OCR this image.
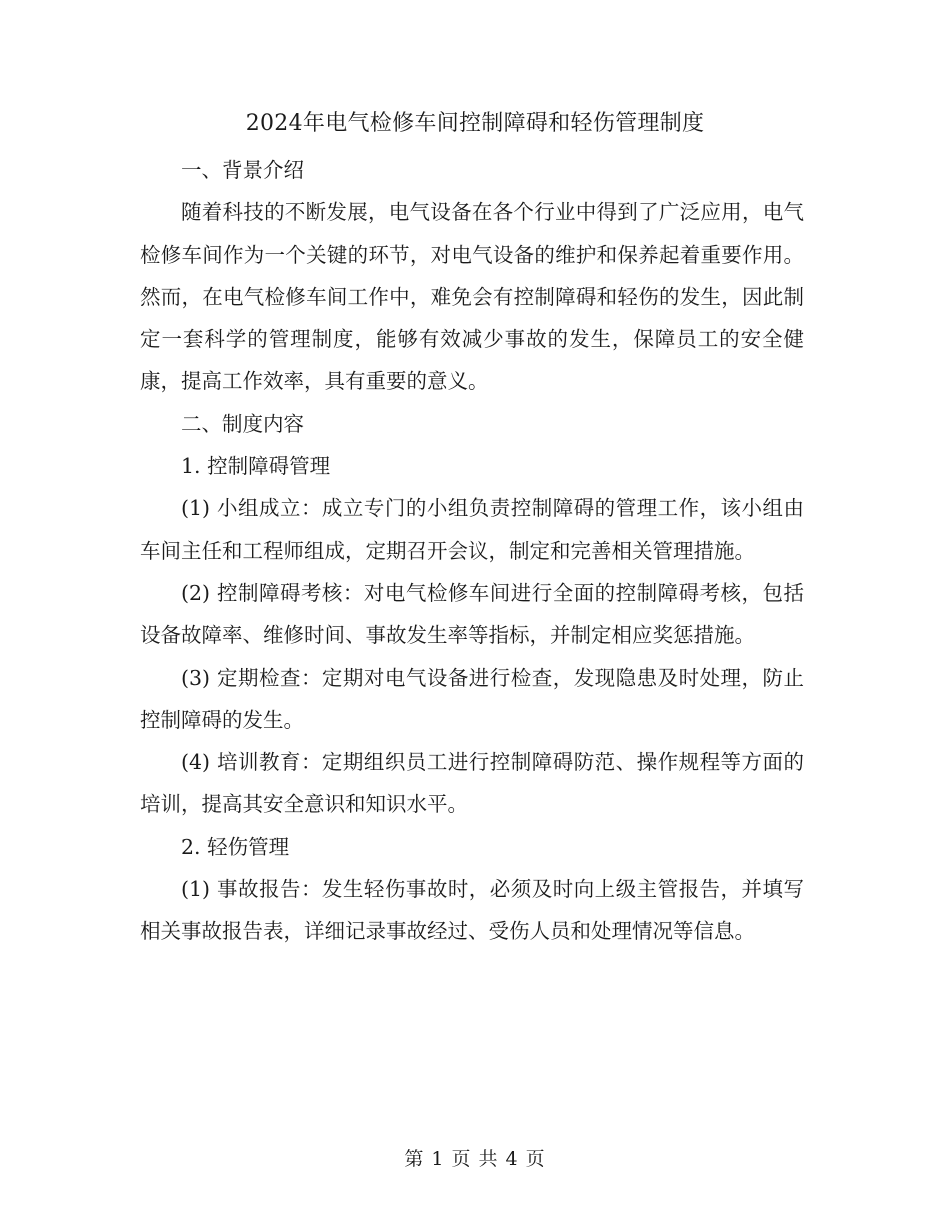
2024年电气检修车间控制障碍和轻伤管理制度

一、背景介绍

随着科技的不断发展，电气设备在各个行业中得到了广泛应用，电气检修车间作为一个关键的环节，对电气设备的维护和保养起着重要作用。然而，在电气检修车间工作中，难免会有控制障碍和轻伤的发生，因此制定一套科学的管理制度，能够有效减少事故的发生，保障员工的安全健康，提高工作效率，具有重要的意义。

二、制度内容

1. 控制障碍管理

(1) 小组成立：成立专门的小组负责控制障碍的管理工作，该小组由车间主任和工程师组成，定期召开会议，制定和完善相关管理措施。

(2) 控制障碍考核：对电气检修车间进行全面的控制障碍考核，包括设备故障率、维修时间、事故发生率等指标，并制定相应奖惩措施。

(3) 定期检查：定期对电气设备进行检查，发现隐患及时处理，防止控制障碍的发生。

(4) 培训教育：定期组织员工进行控制障碍防范、操作规程等方面的培训，提高其安全意识和知识水平。

2. 轻伤管理

(1) 事故报告：发生轻伤事故时，必须及时向上级主管报告，并填写相关事故报告表，详细记录事故经过、受伤人员和处理情况等信息。

第 1 页 共 4 页
